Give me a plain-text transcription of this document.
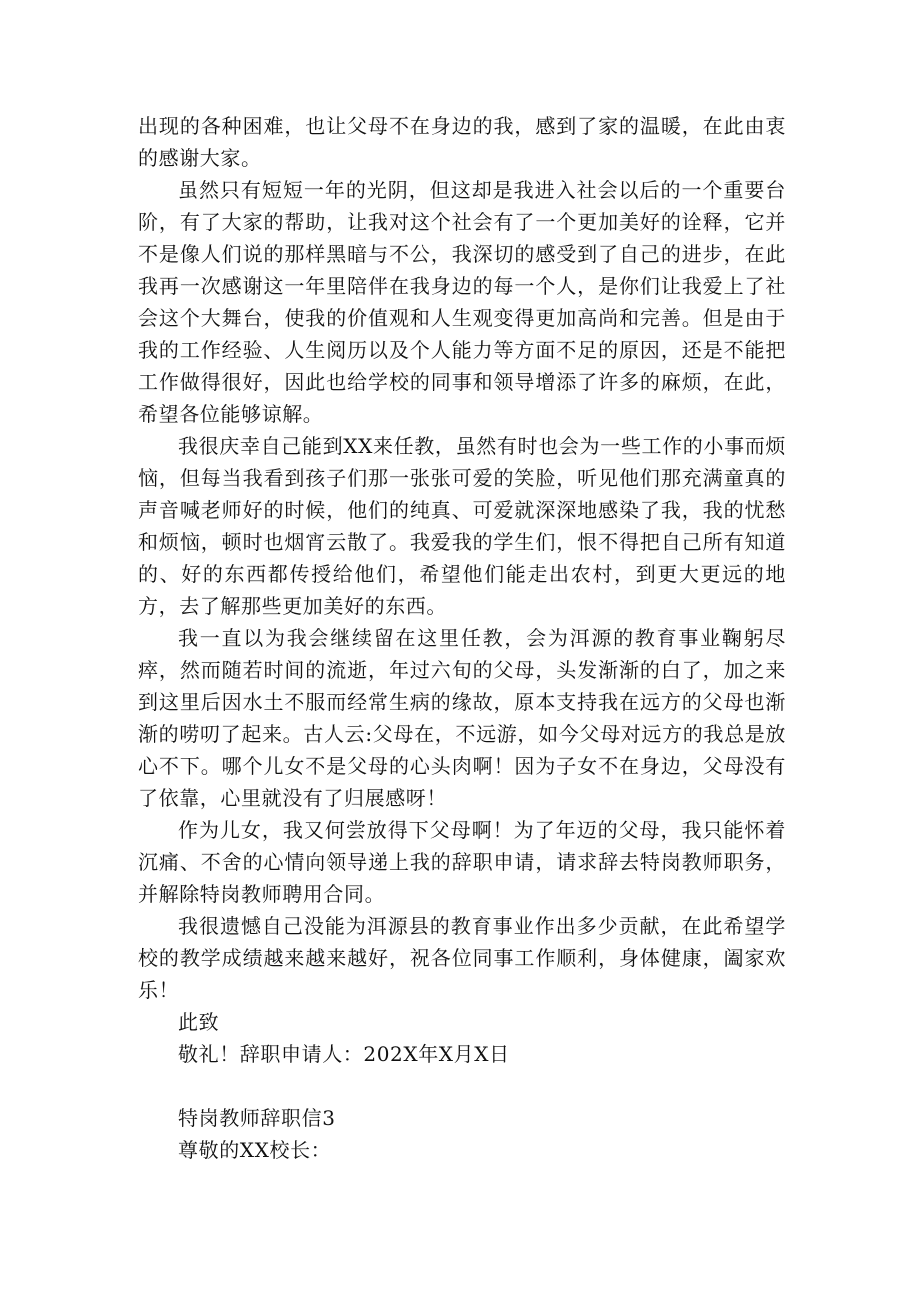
出现的各种困难，也让父母不在身边的我，感到了家的温暖，在此由衷的感谢大家。

虽然只有短短一年的光阴，但这却是我进入社会以后的一个重要台阶，有了大家的帮助，让我对这个社会有了一个更加美好的诠释，它并不是像人们说的那样黑暗与不公，我深切的感受到了自己的进步，在此我再一次感谢这一年里陪伴在我身边的每一个人，是你们让我爱上了社会这个大舞台，使我的价值观和人生观变得更加高尚和完善。但是由于我的工作经验、人生阅历以及个人能力等方面不足的原因，还是不能把工作做得很好，因此也给学校的同事和领导增添了许多的麻烦，在此，希望各位能够谅解。

我很庆幸自己能到XX来任教，虽然有时也会为一些工作的小事而烦恼，但每当我看到孩子们那一张张可爱的笑脸，听见他们那充满童真的声音喊老师好的时候，他们的纯真、可爱就深深地感染了我，我的忧愁和烦恼，顿时也烟宵云散了。我爱我的学生们，恨不得把自己所有知道的、好的东西都传授给他们，希望他们能走出农村，到更大更远的地方，去了解那些更加美好的东西。

我一直以为我会继续留在这里任教，会为洱源的教育事业鞠躬尽瘁，然而随若时间的流逝，年过六旬的父母，头发渐渐的白了，加之来到这里后因水土不服而经常生病的缘故，原本支持我在远方的父母也渐渐的唠叨了起来。古人云:父母在，不远游，如今父母对远方的我总是放心不下。哪个儿女不是父母的心头肉啊！因为子女不在身边，父母没有了依靠，心里就没有了归展感呀！

作为儿女，我又何尝放得下父母啊！为了年迈的父母，我只能怀着沉痛、不舍的心情向领导递上我的辞职申请，请求辞去特岗教师职务，并解除特岗教师聘用合同。

我很遗憾自己没能为洱源县的教育事业作出多少贡献，在此希望学校的教学成绩越来越来越好，祝各位同事工作顺利，身体健康，阖家欢乐！

此致

敬礼！辞职申请人：202X年X月X日

特岗教师辞职信3

尊敬的XX校长：
